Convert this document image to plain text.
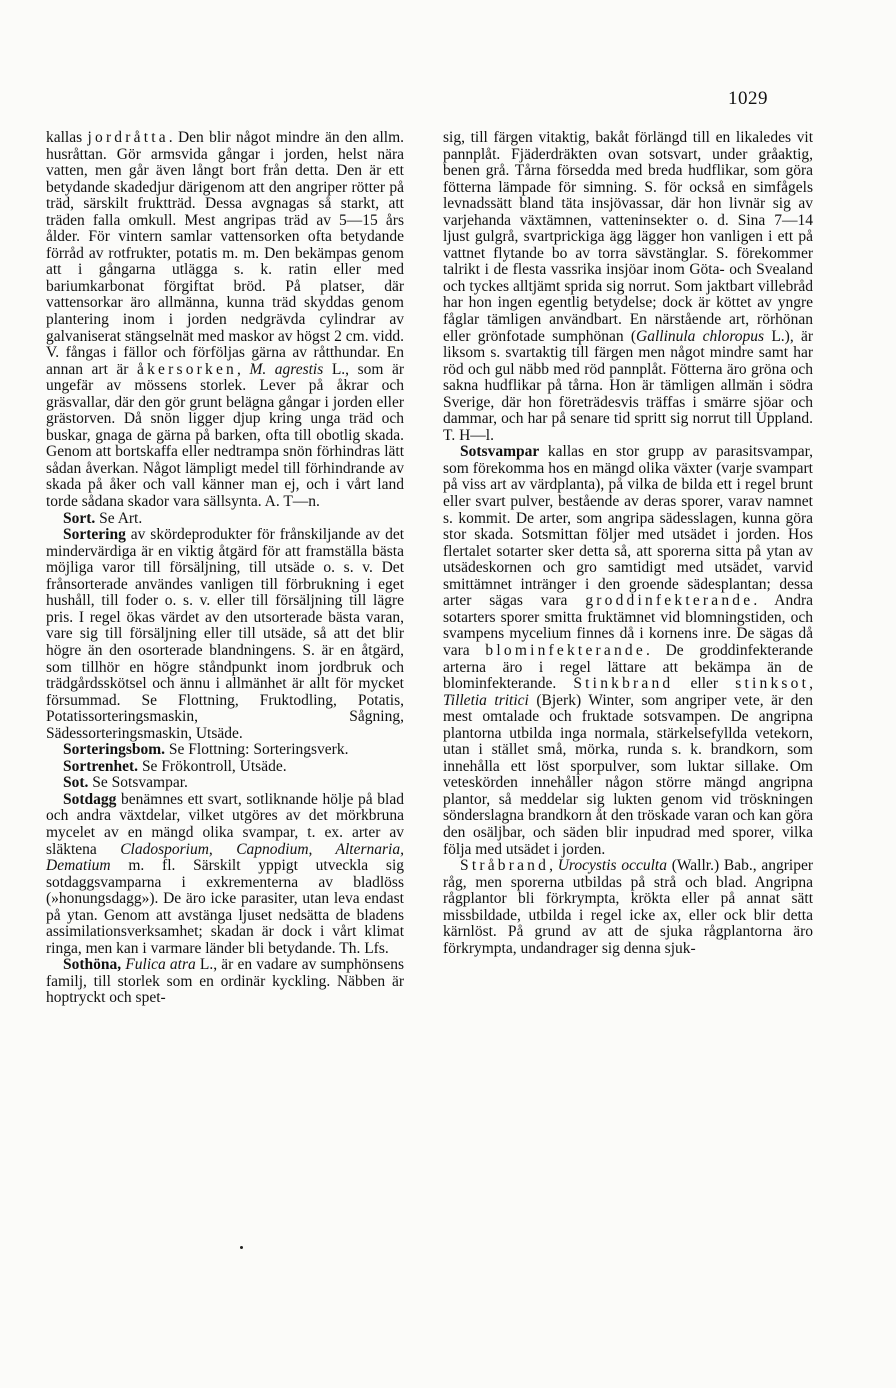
1029

kallas jordråtta. Den blir något mindre än den allm. husråttan. Gör armsvida gångar i jorden, helst nära vatten, men går även långt bort från detta. Den är ett betydande skadedjur därigenom att den angriper rötter på träd, särskilt fruktträd. Dessa avgnagas så starkt, att träden falla omkull. Mest angripas träd av 5—15 års ålder. För vintern samlar vattensorken ofta betydande förråd av rotfrukter, potatis m. m. Den bekämpas genom att i gångarna utlägga s. k. ratin eller med bariumkarbonat förgiftat bröd. På platser, där vattensorkar äro allmänna, kunna träd skyddas genom plantering inom i jorden nedgrävda cylindrar av galvaniserat stängselnät med maskor av högst 2 cm. vidd. V. fångas i fällor och förföljas gärna av råtthundar. En annan art är åkersorken, M. agrestis L., som är ungefär av mössens storlek. Lever på åkrar och gräsvallar, där den gör grunt belägna gångar i jorden eller grästorven. Då snön ligger djup kring unga träd och buskar, gnaga de gärna på barken, ofta till obotlig skada. Genom att bortskaffa eller nedtrampa snön förhindras lätt sådan åverkan. Något lämpligt medel till förhindrande av skada på åker och vall känner man ej, och i vårt land torde sådana skador vara sällsynta. A. T—n.

Sort. Se Art.

Sortering av skördeprodukter för frånskiljande av det mindervärdiga är en viktig åtgärd för att framställa bästa möjliga varor till försäljning, till utsäde o. s. v. Det frånsorterade användes vanligen till förbrukning i eget hushåll, till foder o. s. v. eller till försäljning till lägre pris. I regel ökas värdet av den utsorterade bästa varan, vare sig till försäljning eller till utsäde, så att det blir högre än den osorterade blandningens. S. är en åtgärd, som tillhör en högre ståndpunkt inom jordbruk och trädgårdsskötsel och ännu i allmänhet är allt för mycket försummad. Se Flottning, Fruktodling, Potatis, Potatissorteringsmaskin, Sågning, Sädessorteringsmaskin, Utsäde.

Sorteringsbom. Se Flottning: Sorteringsverk.

Sortrenhet. Se Frökontroll, Utsäde.

Sot. Se Sotsvampar.

Sotdagg benämnes ett svart, sotliknande hölje på blad och andra växtdelar, vilket utgöres av det mörkbruna mycelet av en mängd olika svampar, t. ex. arter av släktena Cladosporium, Capnodium, Alternaria, Dematium m. fl. Särskilt yppigt utveckla sig sotdaggsvamparna i exkrementerna av bladlöss (»honungsdagg»). De äro icke parasiter, utan leva endast på ytan. Genom att avstänga ljuset nedsätta de bladens assimilationsverksamhet; skadan är dock i vårt klimat ringa, men kan i varmare länder bli betydande. Th. Lfs.

Sothöna, Fulica atra L., är en vadare av sumphönsens familj, till storlek som en ordinär kyckling. Näbben är hoptryckt och spet-

sig, till färgen vitaktig, bakåt förlängd till en likaledes vit pannplåt. Fjäderdräkten ovan sotsvart, under gråaktig, benen grå. Tårna försedda med breda hudflikar, som göra fötterna lämpade för simning. S. för också en simfågels levnadssätt bland täta insjövassar, där hon livnär sig av varjehanda växtämnen, vatteninsekter o. d. Sina 7—14 ljust gulgrå, svartprickiga ägg lägger hon vanligen i ett på vattnet flytande bo av torra sävstänglar. S. förekommer talrikt i de flesta vassrika insjöar inom Göta- och Svealand och tyckes alltjämt sprida sig norrut. Som jaktbart villebråd har hon ingen egentlig betydelse; dock är köttet av yngre fåglar tämligen användbart. En närstående art, rörhönan eller grönfotade sumphönan (Gallinula chloropus L.), är liksom s. svartaktig till färgen men något mindre samt har röd och gul näbb med röd pannplåt. Fötterna äro gröna och sakna hudflikar på tårna. Hon är tämligen allmän i södra Sverige, där hon företrädesvis träffas i smärre sjöar och dammar, och har på senare tid spritt sig norrut till Uppland. T. H—l.

Sotsvampar kallas en stor grupp av parasitsvampar, som förekomma hos en mängd olika växter (varje svampart på viss art av värdplanta), på vilka de bilda ett i regel brunt eller svart pulver, bestående av deras sporer, varav namnet s. kommit. De arter, som angripa sädesslagen, kunna göra stor skada. Sotsmittan följer med utsädet i jorden. Hos flertalet sotarter sker detta så, att sporerna sitta på ytan av utsädeskornen och gro samtidigt med utsädet, varvid smittämnet intränger i den groende sädesplantan; dessa arter sägas vara groddinfekterande. Andra sotarters sporer smitta fruktämnet vid blomningstiden, och svampens mycelium finnes då i kornens inre. De sägas då vara blominfekterande. De groddinfekterande arterna äro i regel lättare att bekämpa än de blominfekterande. Stinkbrand eller stinksot, Tilletia tritici (Bjerk) Winter, som angriper vete, är den mest omtalade och fruktade sotsvampen. De angripna plantorna utbilda inga normala, stärkelsefyllda vetekorn, utan i stället små, mörka, runda s. k. brandkorn, som innehålla ett löst sporpulver, som luktar sillake. Om veteskörden innehåller någon större mängd angripna plantor, så meddelar sig lukten genom vid tröskningen sönderslagna brandkorn åt den tröskade varan och kan göra den osäljbar, och säden blir inpudrad med sporer, vilka följa med utsädet i jorden.

Stråbrand, Urocystis occulta (Wallr.) Bab., angriper råg, men sporerna utbildas på strå och blad. Angripna rågplantor bli förkrympta, krökta eller på annat sätt missbildade, utbilda i regel icke ax, eller ock blir detta kärnlöst. På grund av att de sjuka rågplantorna äro förkrympta, undandrager sig denna sjuk-
